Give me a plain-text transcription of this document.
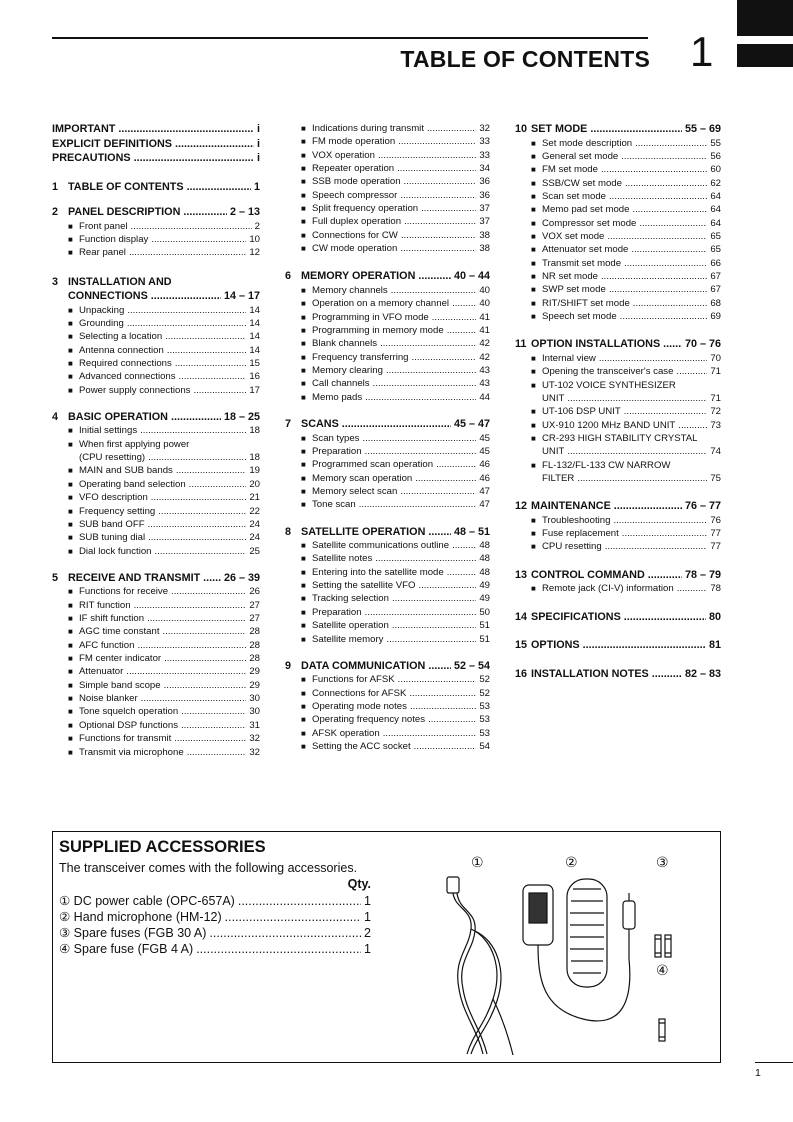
TABLE OF CONTENTS 1
IMPORTANT .....	i
EXPLICIT DEFINITIONS .....	i
PRECAUTIONS .....	i
1 TABLE OF CONTENTS .....	1
2 PANEL DESCRIPTION .....	2 – 13
■ Front panel .....	2
■ Function display .....	10
■ Rear panel .....	12
3 INSTALLATION AND
CONNECTIONS .....	14 – 17
■ Unpacking .....	14
■ Grounding .....	14
■ Selecting a location .....	14
■ Antenna connection .....	14
■ Required connections .....	15
■ Advanced connections .....	16
■ Power supply connections .....	17
4 BASIC OPERATION .....	18 – 25
■ Initial settings .....	18
■ When first applying power
(CPU resetting) .....	18
■ MAIN and SUB bands .....	19
■ Operating band selection .....	20
■ VFO description .....	21
■ Frequency setting .....	22
■ SUB band OFF .....	24
■ SUB tuning dial .....	24
■ Dial lock function .....	25
5 RECEIVE AND TRANSMIT ..... 26 – 39
■ Functions for receive .....	26
■ RIT function .....	27
■ IF shift function .....	27
■ AGC time constant .....	28
■ AFC function .....	28
■ FM center indicator .....	28
■ Attenuator .....	29
■ Simple band scope .....	29
■ Noise blanker .....	30
■ Tone squelch operation .....	30
■ Optional DSP functions .....	31
■ Functions for transmit .....	32
■ Transmit via microphone .....	32
■ Indications during transmit .....	32
■ FM mode operation .....	33
■ VOX operation .....	33
■ Repeater operation .....	34
■ SSB mode operation .....	36
■ Speech compressor .....	36
■ Split frequency operation .....	37
■ Full duplex operation .....	37
■ Connections for CW .....	38
■ CW mode operation .....	38
6 MEMORY OPERATION .....	40 – 44
■ Memory channels .....	40
■ Operation on a memory channel .....	40
■ Programming in VFO mode .....	41
■ Programming in memory mode .....	41
■ Blank channels .....	42
■ Frequency transferring .....	42
■ Memory clearing .....	43
■ Call channels .....	43
■ Memo pads .....	44
7 SCANS .....	45 – 47
■ Scan types .....	45
■ Preparation .....	45
■ Programmed scan operation .....	46
■ Memory scan operation .....	46
■ Memory select scan .....	47
■ Tone scan .....	47
8 SATELLITE OPERATION .....	48 – 51
■ Satellite communications outline .....	48
■ Satellite notes .....	48
■ Entering into the satellite mode .....	48
■ Setting the satellite VFO .....	49
■ Tracking selection .....	49
■ Preparation .....	50
■ Satellite operation .....	51
■ Satellite memory .....	51
9 DATA COMMUNICATION .....	52 – 54
■ Functions for AFSK .....	52
■ Connections for AFSK .....	52
■ Operating mode notes .....	53
■ Operating frequency notes .....	53
■ AFSK operation .....	53
■ Setting the ACC socket .....	54
10 SET MODE .....	55 – 69
■ Set mode description .....	55
■ General set mode .....	56
■ FM set mode .....	60
■ SSB/CW set mode .....	62
■ Scan set mode .....	64
■ Memo pad set mode .....	64
■ Compressor set mode .....	64
■ VOX set mode .....	65
■ Attenuator set mode .....	65
■ Transmit set mode .....	66
■ NR set mode .....	67
■ SWP set mode .....	67
■ RIT/SHIFT set mode .....	68
■ Speech set mode .....	69
11 OPTION INSTALLATIONS ..... 70 – 76
■ Internal view .....	70
■ Opening the transceiver's case .....	71
■ UT-102 VOICE SYNTHESIZER
UNIT .....	71
■ UT-106 DSP UNIT .....	72
■ UX-910 1200 MHz BAND UNIT .....	73
■ CR-293 HIGH STABILITY CRYSTAL
UNIT .....	74
■ FL-132/FL-133 CW NARROW
FILTER .....	75
12 MAINTENANCE .....	76 – 77
■ Troubleshooting .....	76
■ Fuse replacement .....	77
■ CPU resetting .....	77
13 CONTROL COMMAND .....	78 – 79
■ Remote jack (CI-V) information .....	78
14 SPECIFICATIONS .....	80
15 OPTIONS .....	81
16 INSTALLATION NOTES .....	82 – 83
SUPPLIED ACCESSORIES
The transceiver comes with the following accessories.
Qty.
① DC power cable (OPC-657A) .....	1
② Hand microphone (HM-12) .....	1
③ Spare fuses (FGB 30 A) .....	2
④ Spare fuse (FGB 4 A) .....	1
①	②	③
④
1
